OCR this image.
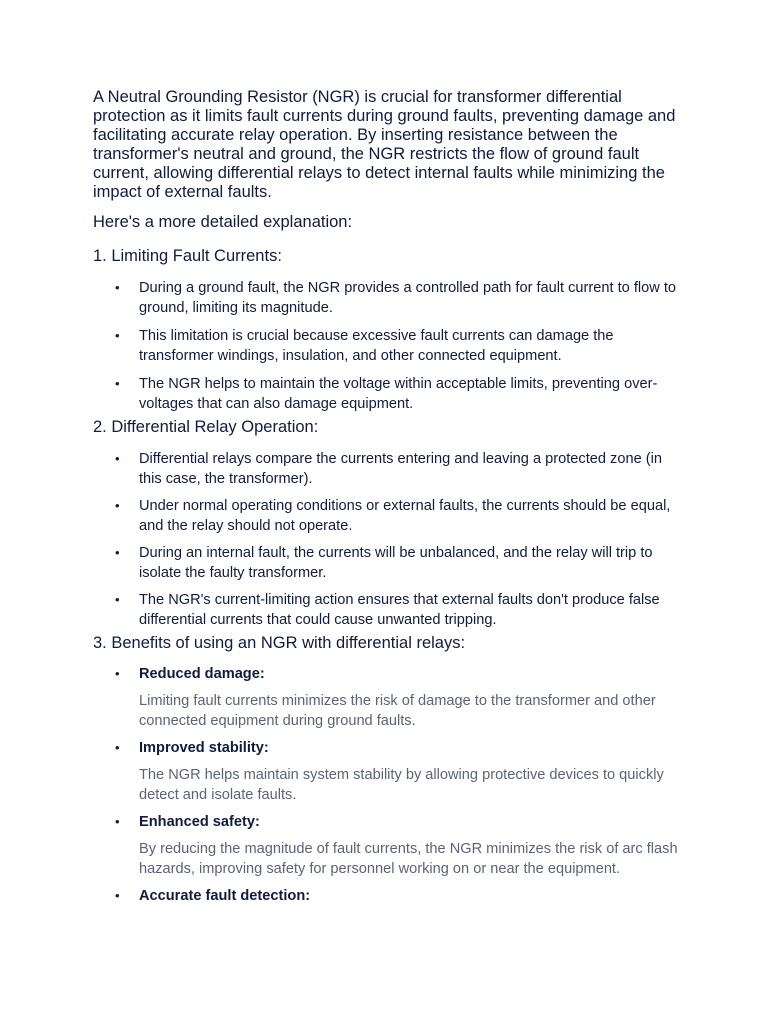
A Neutral Grounding Resistor (NGR) is crucial for transformer differential protection as it limits fault currents during ground faults, preventing damage and facilitating accurate relay operation. By inserting resistance between the transformer's neutral and ground, the NGR restricts the flow of ground fault current, allowing differential relays to detect internal faults while minimizing the impact of external faults.

Here's a more detailed explanation:

1. Limiting Fault Currents:
• During a ground fault, the NGR provides a controlled path for fault current to flow to ground, limiting its magnitude.
• This limitation is crucial because excessive fault currents can damage the transformer windings, insulation, and other connected equipment.
• The NGR helps to maintain the voltage within acceptable limits, preventing over-voltages that can also damage equipment.
2. Differential Relay Operation:
• Differential relays compare the currents entering and leaving a protected zone (in this case, the transformer).
• Under normal operating conditions or external faults, the currents should be equal, and the relay should not operate.
• During an internal fault, the currents will be unbalanced, and the relay will trip to isolate the faulty transformer.
• The NGR's current-limiting action ensures that external faults don't produce false differential currents that could cause unwanted tripping.
3. Benefits of using an NGR with differential relays:
• Reduced damage:
Limiting fault currents minimizes the risk of damage to the transformer and other connected equipment during ground faults.
• Improved stability:
The NGR helps maintain system stability by allowing protective devices to quickly detect and isolate faults.
• Enhanced safety:
By reducing the magnitude of fault currents, the NGR minimizes the risk of arc flash hazards, improving safety for personnel working on or near the equipment.
• Accurate fault detection:
